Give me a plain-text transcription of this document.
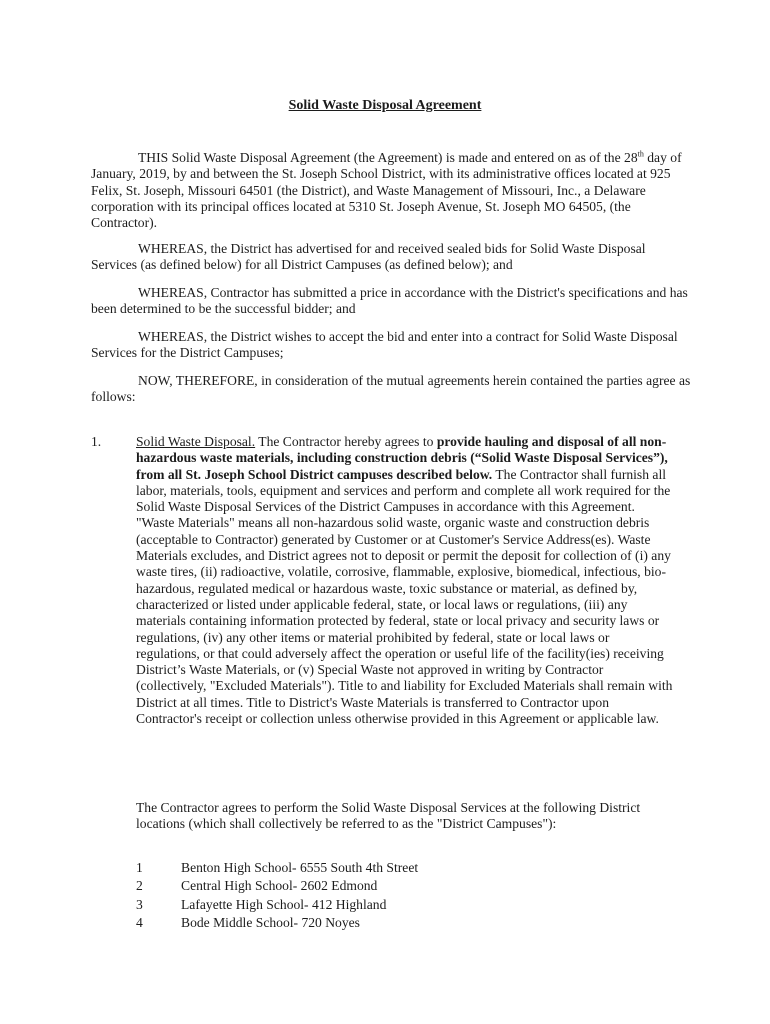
Solid Waste Disposal Agreement

THIS Solid Waste Disposal Agreement (the Agreement) is made and entered on as of the 28th day of January, 2019, by and between the St. Joseph School District, with its administrative offices located at 925 Felix, St. Joseph, Missouri 64501 (the District), and Waste Management of Missouri, Inc., a Delaware corporation with its principal offices located at 5310 St. Joseph Avenue, St. Joseph MO 64505, (the Contractor).

WHEREAS, the District has advertised for and received sealed bids for Solid Waste Disposal Services (as defined below) for all District Campuses (as defined below); and

WHEREAS, Contractor has submitted a price in accordance with the District's specifications and has been determined to be the successful bidder; and

WHEREAS, the District wishes to accept the bid and enter into a contract for Solid Waste Disposal Services for the District Campuses;

NOW, THEREFORE, in consideration of the mutual agreements herein contained the parties agree as follows:

1.	Solid Waste Disposal. The Contractor hereby agrees to provide hauling and disposal of all non-hazardous waste materials, including construction debris (“Solid Waste Disposal Services”), from all St. Joseph School District campuses described below. The Contractor shall furnish all labor, materials, tools, equipment and services and perform and complete all work required for the Solid Waste Disposal Services of the District Campuses in accordance with this Agreement. "Waste Materials" means all non-hazardous solid waste, organic waste and construction debris (acceptable to Contractor) generated by Customer or at Customer's Service Address(es). Waste Materials excludes, and District agrees not to deposit or permit the deposit for collection of (i) any waste tires, (ii) radioactive, volatile, corrosive, flammable, explosive, biomedical, infectious, bio-hazardous, regulated medical or hazardous waste, toxic substance or material, as defined by, characterized or listed under applicable federal, state, or local laws or regulations, (iii) any materials containing information protected by federal, state or local privacy and security laws or regulations, (iv) any other items or material prohibited by federal, state or local laws or regulations, or that could adversely affect the operation or useful life of the facility(ies) receiving District’s Waste Materials, or (v) Special Waste not approved in writing by Contractor (collectively, "Excluded Materials"). Title to and liability for Excluded Materials shall remain with District at all times. Title to District's Waste Materials is transferred to Contractor upon Contractor's receipt or collection unless otherwise provided in this Agreement or applicable law.

The Contractor agrees to perform the Solid Waste Disposal Services at the following District locations (which shall collectively be referred to as the "District Campuses"):

1	Benton High School- 6555 South 4th Street
2	Central High School- 2602 Edmond
3	Lafayette High School- 412 Highland
4	Bode Middle School- 720 Noyes
